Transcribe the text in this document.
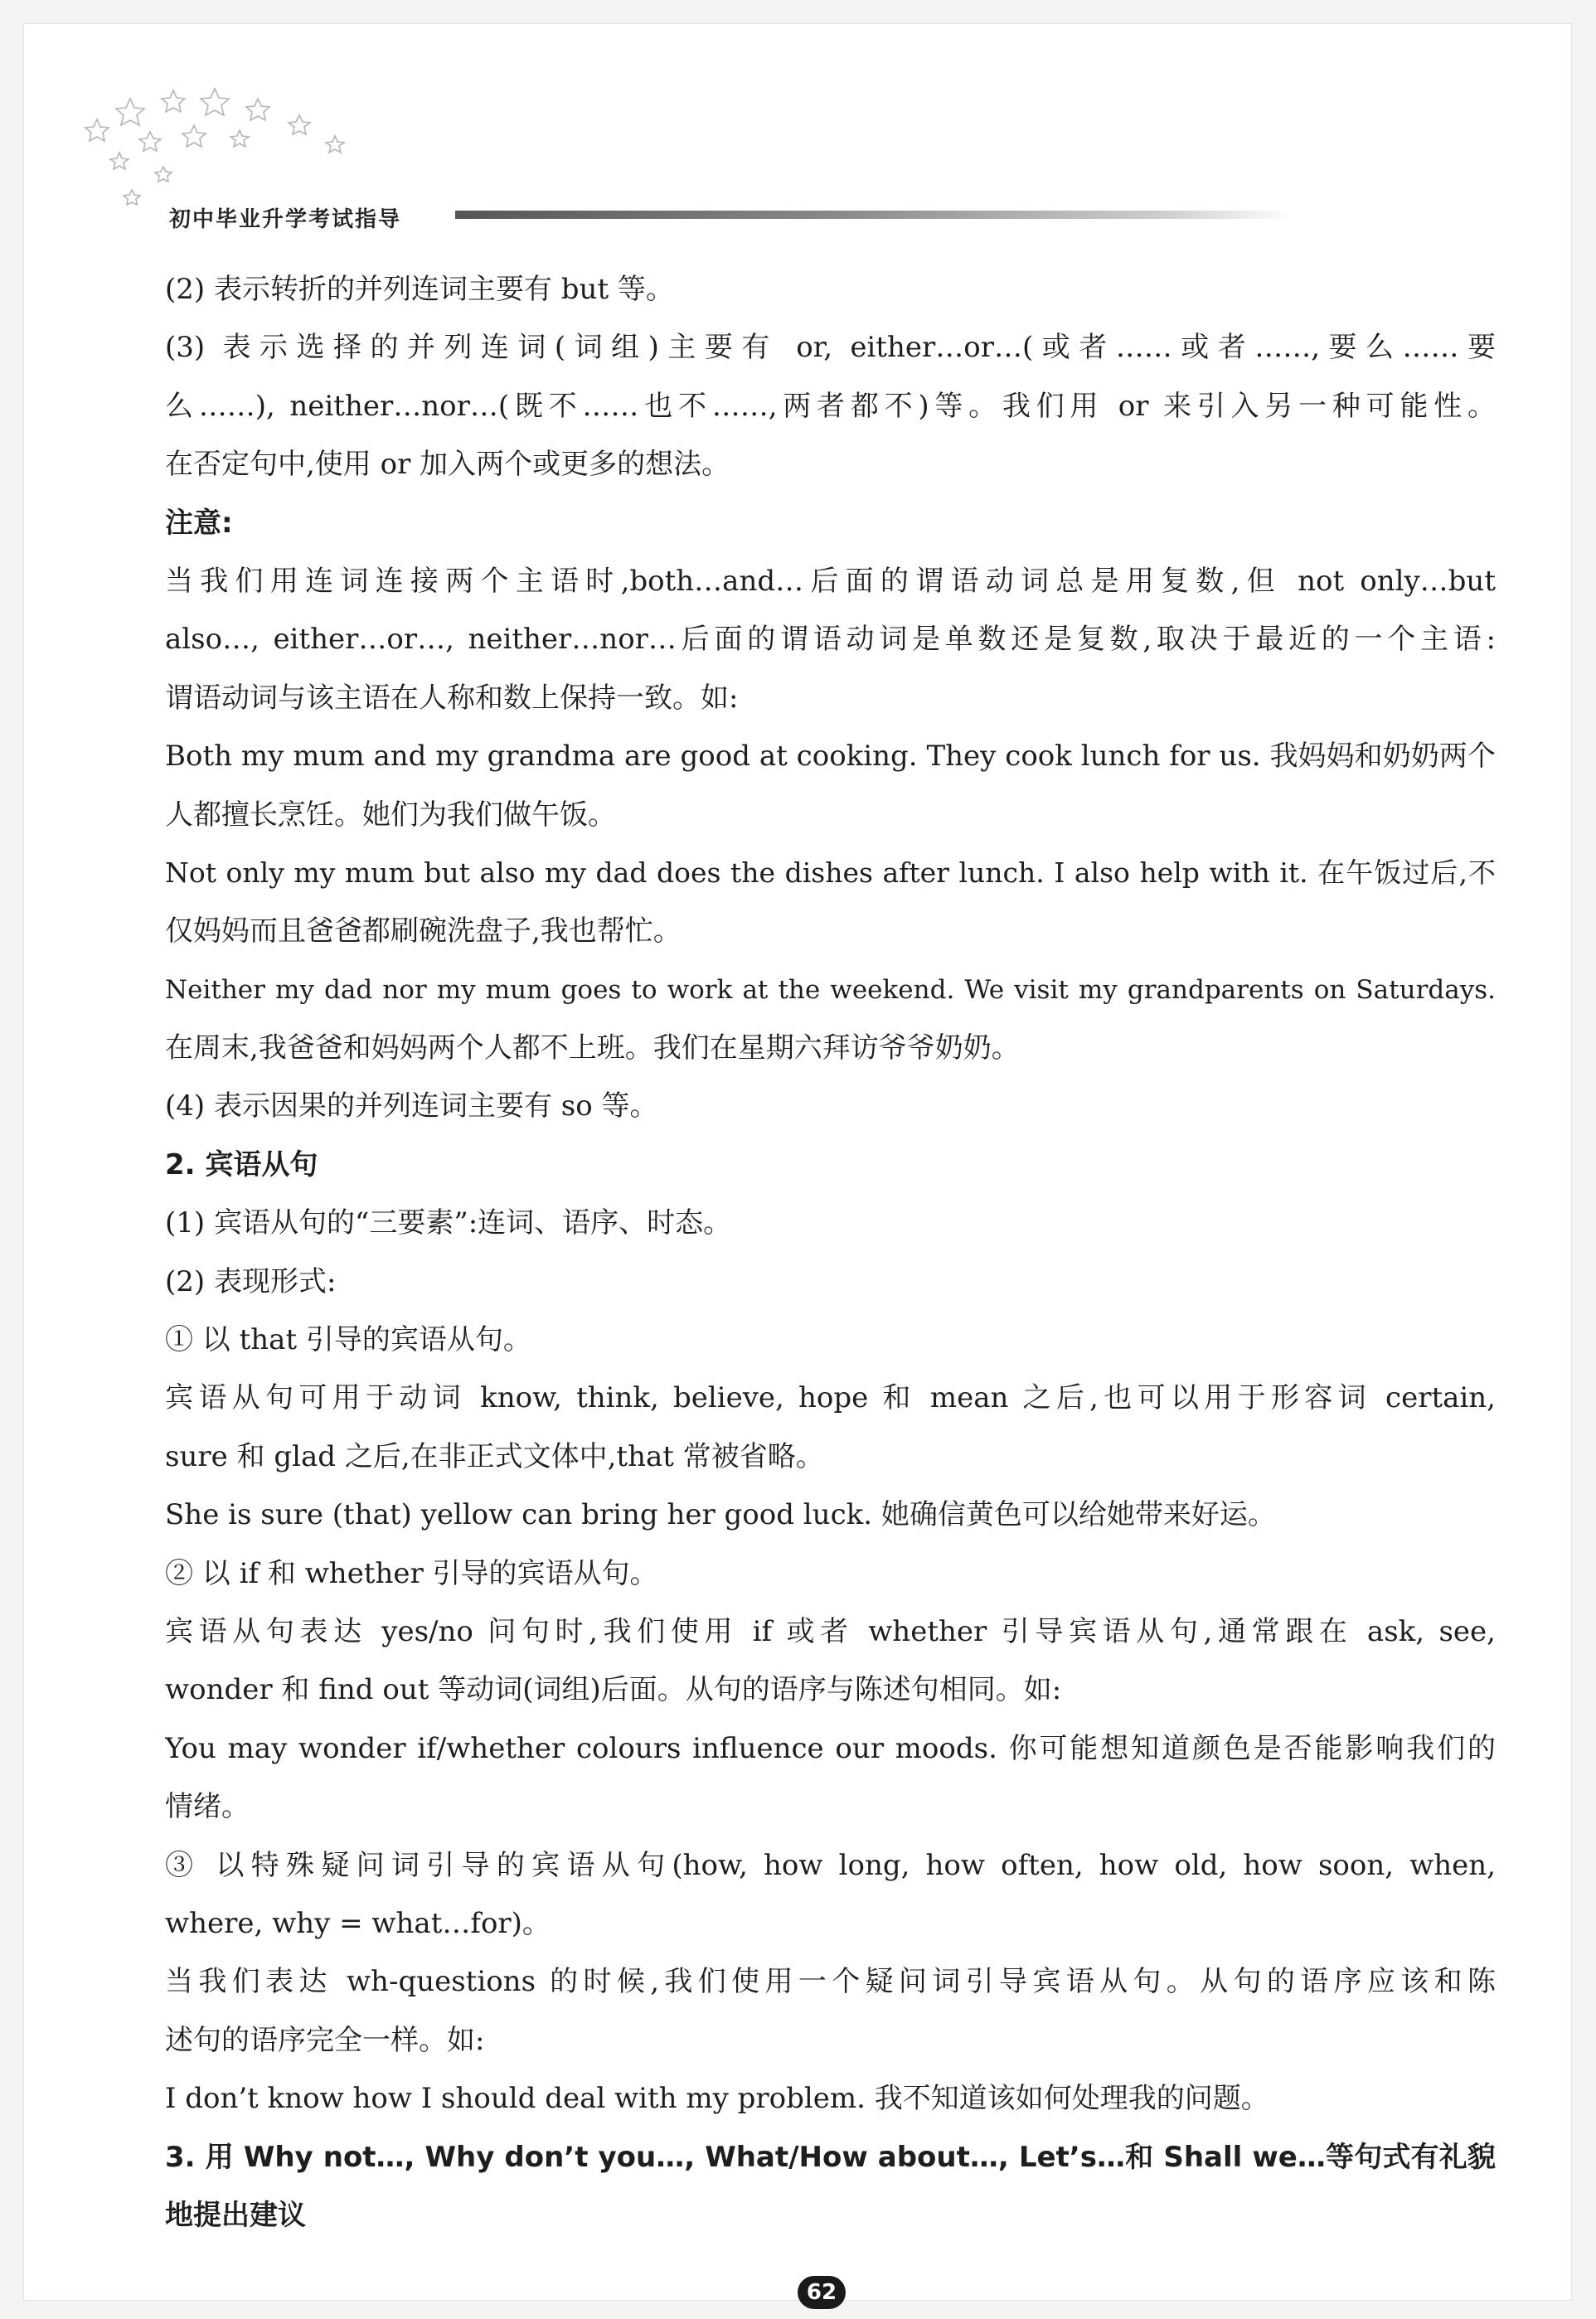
初中毕业升学考试指导
(2) 表示转折的并列连词主要有 but 等。
(3) 表示选择的并列连词(词组)主要有 or, either…or…(或者……或者……,要么……要
么……), neither…nor…(既不……也不……,两者都不)等。我们用 or 来引入另一种可能性。
在否定句中,使用 or 加入两个或更多的想法。
注意:
当我们用连词连接两个主语时,both…and…后面的谓语动词总是用复数,但 not only…but
also…, either…or…, neither…nor…后面的谓语动词是单数还是复数,取决于最近的一个主语:
谓语动词与该主语在人称和数上保持一致。如:
Both my mum and my grandma are good at cooking. They cook lunch for us. 我妈妈和奶奶两个
人都擅长烹饪。她们为我们做午饭。
Not only my mum but also my dad does the dishes after lunch. I also help with it. 在午饭过后,不
仅妈妈而且爸爸都刷碗洗盘子,我也帮忙。
Neither my dad nor my mum goes to work at the weekend. We visit my grandparents on Saturdays.
在周末,我爸爸和妈妈两个人都不上班。我们在星期六拜访爷爷奶奶。
(4) 表示因果的并列连词主要有 so 等。
2. 宾语从句
(1) 宾语从句的“三要素”:连词、语序、时态。
(2) 表现形式:
① 以 that 引导的宾语从句。
宾语从句可用于动词 know, think, believe, hope 和 mean 之后,也可以用于形容词 certain,
sure 和 glad 之后,在非正式文体中,that 常被省略。
She is sure (that) yellow can bring her good luck. 她确信黄色可以给她带来好运。
② 以 if 和 whether 引导的宾语从句。
宾语从句表达 yes/no 问句时,我们使用 if 或者 whether 引导宾语从句,通常跟在 ask, see,
wonder 和 find out 等动词(词组)后面。从句的语序与陈述句相同。如:
You may wonder if/whether colours influence our moods. 你可能想知道颜色是否能影响我们的
情绪。
③ 以特殊疑问词引导的宾语从句(how, how long, how often, how old, how soon, when,
where, why = what…for)。
当我们表达 wh-questions 的时候,我们使用一个疑问词引导宾语从句。从句的语序应该和陈
述句的语序完全一样。如:
I don’t know how I should deal with my problem. 我不知道该如何处理我的问题。
3. 用 Why not…, Why don’t you…, What/How about…, Let’s…和 Shall we…等句式有礼貌
地提出建议
62
